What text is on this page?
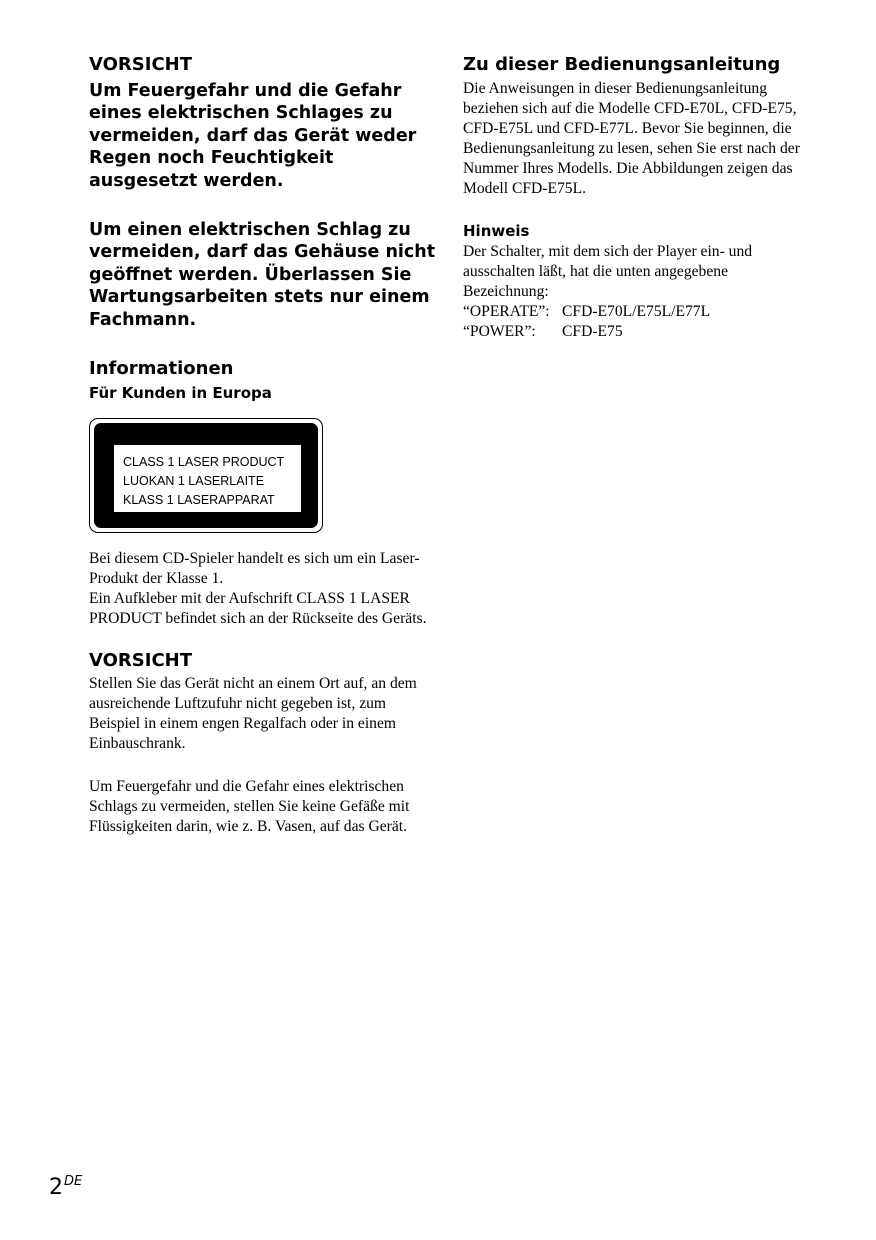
VORSICHT

Um Feuergefahr und die Gefahr eines elektrischen Schlages zu vermeiden, darf das Gerät weder Regen noch Feuchtigkeit ausgesetzt werden.

Um einen elektrischen Schlag zu vermeiden, darf das Gehäuse nicht geöffnet werden. Überlassen Sie Wartungsarbeiten stets nur einem Fachmann.

Informationen

Für Kunden in Europa

CLASS 1 LASER PRODUCT
LUOKAN 1 LASERLAITE
KLASS 1 LASERAPPARAT

Bei diesem CD-Spieler handelt es sich um ein Laser-Produkt der Klasse 1.

Ein Aufkleber mit der Aufschrift CLASS 1 LASER PRODUCT befindet sich an der Rückseite des Geräts.

VORSICHT

Stellen Sie das Gerät nicht an einem Ort auf, an dem ausreichende Luftzufuhr nicht gegeben ist, zum Beispiel in einem engen Regalfach oder in einem Einbauschrank.

Um Feuergefahr und die Gefahr eines elektrischen Schlags zu vermeiden, stellen Sie keine Gefäße mit Flüssigkeiten darin, wie z. B. Vasen, auf das Gerät.

Zu dieser Bedienungsanleitung

Die Anweisungen in dieser Bedienungsanleitung beziehen sich auf die Modelle CFD-E70L, CFD-E75, CFD-E75L und CFD-E77L. Bevor Sie beginnen, die Bedienungsanleitung zu lesen, sehen Sie erst nach der Nummer Ihres Modells. Die Abbildungen zeigen das Modell CFD-E75L.

Hinweis

Der Schalter, mit dem sich der Player ein- und ausschalten läßt, hat die unten angegebene Bezeichnung:

“OPERATE”: CFD-E70L/E75L/E77L
“POWER”: CFD-E75
2DE
